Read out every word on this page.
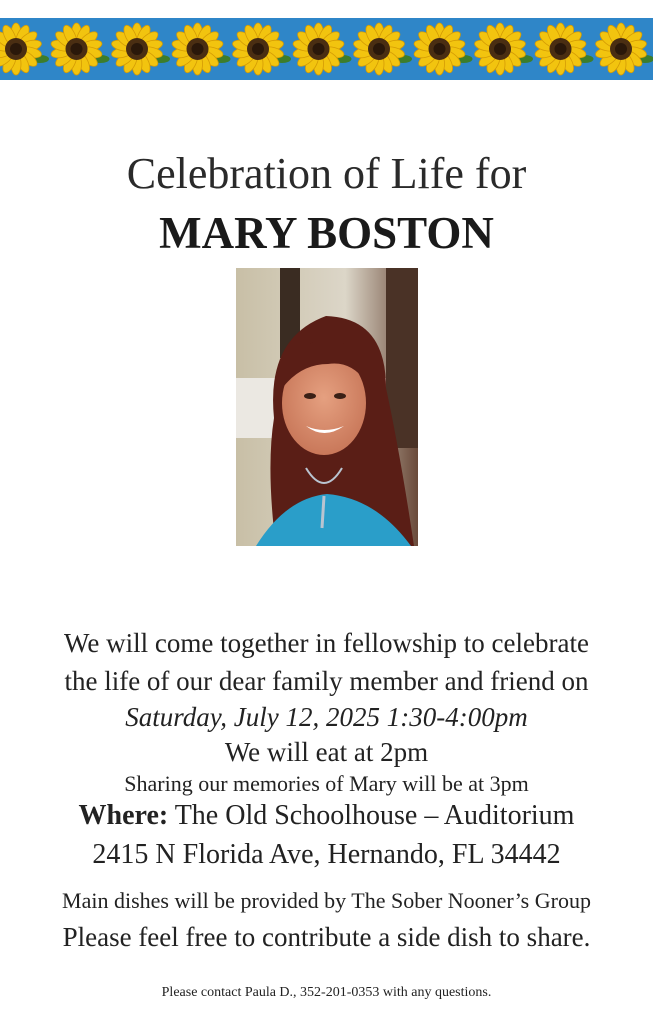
Celebration of Life for
MARY BOSTON
We will come together in fellowship to celebrate
the life of our dear family member and friend on
Saturday, July 12, 2025 1:30-4:00pm
We will eat at 2pm
Sharing our memories of Mary will be at 3pm
Where: The Old Schoolhouse – Auditorium
2415 N Florida Ave, Hernando, FL 34442
Main dishes will be provided by The Sober Nooner’s Group
Please feel free to contribute a side dish to share.
Please contact Paula D., 352-201-0353 with any questions.
